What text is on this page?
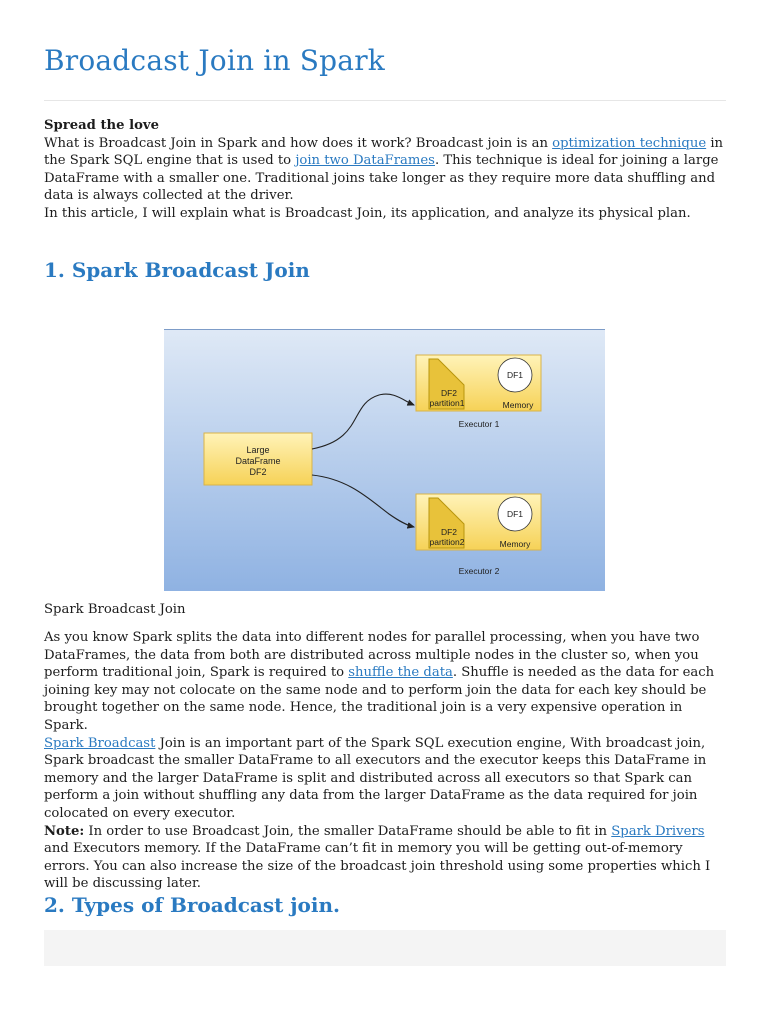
Broadcast Join in Spark
Spread the love
What is Broadcast Join in Spark and how does it work? Broadcast join is an optimization technique in the Spark SQL engine that is used to join two DataFrames. This technique is ideal for joining a large DataFrame with a smaller one. Traditional joins take longer as they require more data shuffling and data is always collected at the driver.
In this article, I will explain what is Broadcast Join, its application, and analyze its physical plan.
1. Spark Broadcast Join
Large
DataFrame
DF2
DF2
partition1
DF1
Memory
Executor 1
DF2
partition2
DF1
Memory
Executor 2
Spark Broadcast Join
As you know Spark splits the data into different nodes for parallel processing, when you have two DataFrames, the data from both are distributed across multiple nodes in the cluster so, when you perform traditional join, Spark is required to shuffle the data. Shuffle is needed as the data for each joining key may not colocate on the same node and to perform join the data for each key should be brought together on the same node. Hence, the traditional join is a very expensive operation in Spark.
Spark Broadcast Join is an important part of the Spark SQL execution engine, With broadcast join, Spark broadcast the smaller DataFrame to all executors and the executor keeps this DataFrame in memory and the larger DataFrame is split and distributed across all executors so that Spark can perform a join without shuffling any data from the larger DataFrame as the data required for join colocated on every executor.
Note: In order to use Broadcast Join, the smaller DataFrame should be able to fit in Spark Drivers and Executors memory. If the DataFrame can’t fit in memory you will be getting out-of-memory errors. You can also increase the size of the broadcast join threshold using some properties which I will be discussing later.
2. Types of Broadcast join.
